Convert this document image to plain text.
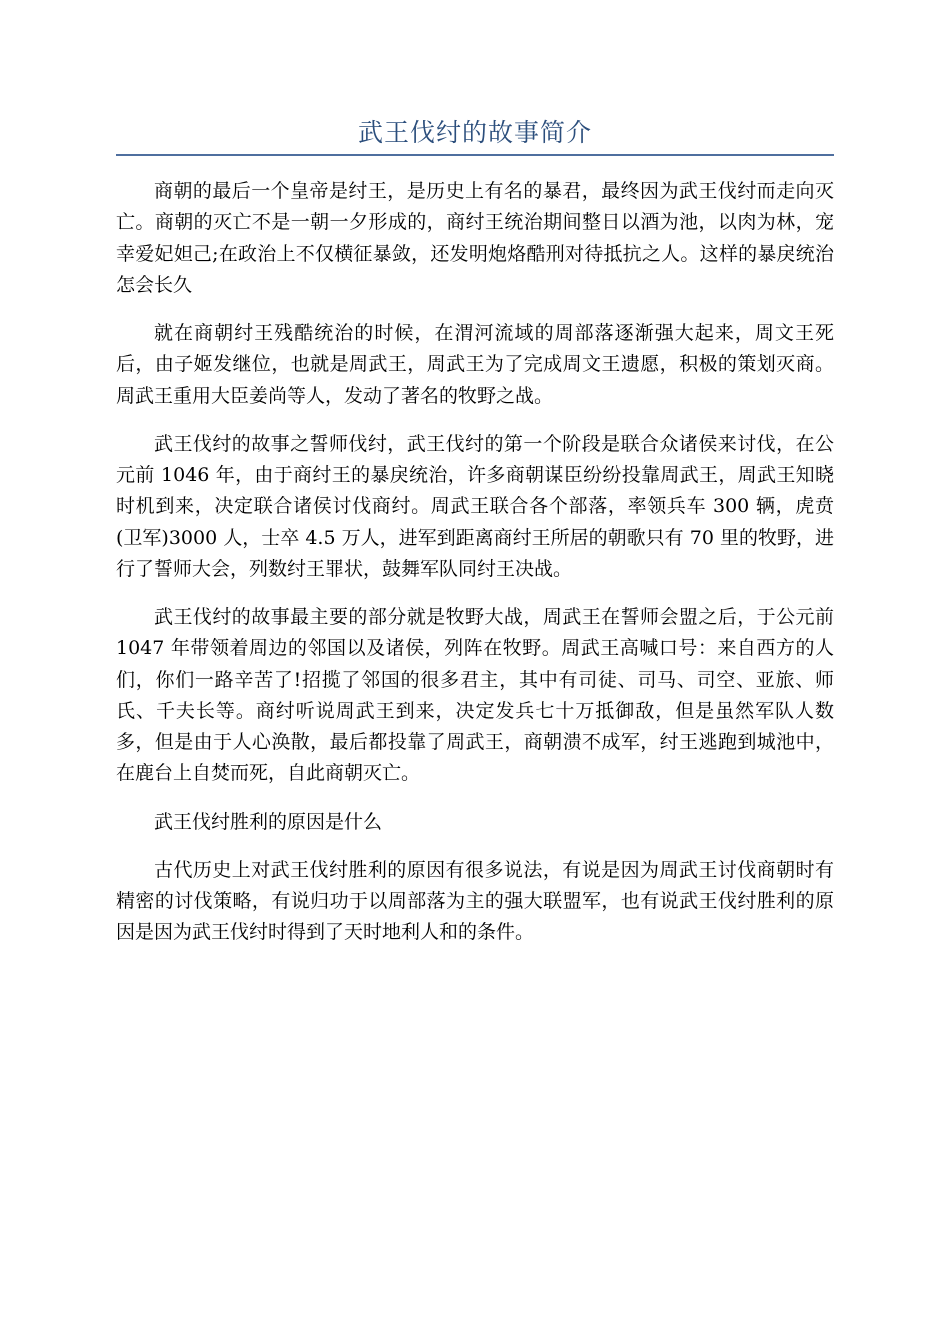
武王伐纣的故事简介

商朝的最后一个皇帝是纣王，是历史上有名的暴君，最终因为武王伐纣而走向灭亡。商朝的灭亡不是一朝一夕形成的，商纣王统治期间整日以酒为池，以肉为林，宠幸爱妃妲己;在政治上不仅横征暴敛，还发明炮烙酷刑对待抵抗之人。这样的暴戾统治怎会长久

就在商朝纣王残酷统治的时候，在渭河流域的周部落逐渐强大起来，周文王死后，由子姬发继位，也就是周武王，周武王为了完成周文王遗愿，积极的策划灭商。周武王重用大臣姜尚等人，发动了著名的牧野之战。

武王伐纣的故事之誓师伐纣，武王伐纣的第一个阶段是联合众诸侯来讨伐，在公元前 1046 年，由于商纣王的暴戾统治，许多商朝谋臣纷纷投靠周武王，周武王知晓时机到来，决定联合诸侯讨伐商纣。周武王联合各个部落，率领兵车 300 辆，虎贲(卫军)3000 人，士卒 4.5 万人，进军到距离商纣王所居的朝歌只有 70 里的牧野，进行了誓师大会，列数纣王罪状，鼓舞军队同纣王决战。

武王伐纣的故事最主要的部分就是牧野大战，周武王在誓师会盟之后，于公元前 1047 年带领着周边的邻国以及诸侯，列阵在牧野。周武王高喊口号：来自西方的人们，你们一路辛苦了!招揽了邻国的很多君主，其中有司徒、司马、司空、亚旅、师氏、千夫长等。商纣听说周武王到来，决定发兵七十万抵御敌，但是虽然军队人数多，但是由于人心涣散，最后都投靠了周武王，商朝溃不成军，纣王逃跑到城池中，在鹿台上自焚而死，自此商朝灭亡。

武王伐纣胜利的原因是什么

古代历史上对武王伐纣胜利的原因有很多说法，有说是因为周武王讨伐商朝时有精密的讨伐策略，有说归功于以周部落为主的强大联盟军，也有说武王伐纣胜利的原因是因为武王伐纣时得到了天时地利人和的条件。
